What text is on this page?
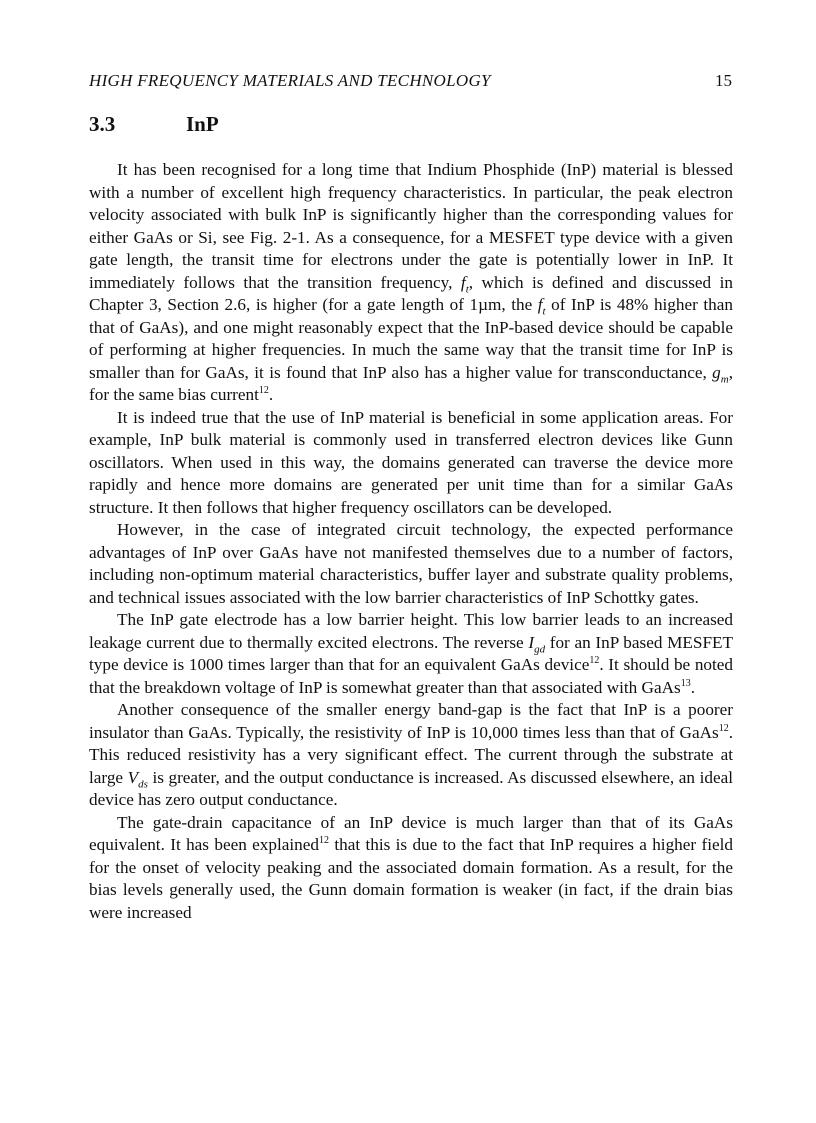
HIGH FREQUENCY MATERIALS AND TECHNOLOGY	15
3.3	InP

It has been recognised for a long time that Indium Phosphide (InP) material is blessed with a number of excellent high frequency characteristics. In particular, the peak electron velocity associated with bulk InP is significantly higher than the corresponding values for either GaAs or Si, see Fig. 2-1. As a consequence, for a MESFET type device with a given gate length, the transit time for electrons under the gate is potentially lower in InP. It immediately follows that the transition frequency, $f_t$, which is defined and discussed in Chapter 3, Section 2.6, is higher (for a gate length of 1µm, the $f_t$ of InP is 48% higher than that of GaAs), and one might reasonably expect that the InP-based device should be capable of performing at higher frequencies. In much the same way that the transit time for InP is smaller than for GaAs, it is found that InP also has a higher value for transconductance, $g_m$, for the same bias current$^{12}$.

It is indeed true that the use of InP material is beneficial in some application areas. For example, InP bulk material is commonly used in transferred electron devices like Gunn oscillators. When used in this way, the domains generated can traverse the device more rapidly and hence more domains are generated per unit time than for a similar GaAs structure. It then follows that higher frequency oscillators can be developed.

However, in the case of integrated circuit technology, the expected performance advantages of InP over GaAs have not manifested themselves due to a number of factors, including non-optimum material characteristics, buffer layer and substrate quality problems, and technical issues associated with the low barrier characteristics of InP Schottky gates.

The InP gate electrode has a low barrier height. This low barrier leads to an increased leakage current due to thermally excited electrons. The reverse $I_{gd}$ for an InP based MESFET type device is 1000 times larger than that for an equivalent GaAs device$^{12}$. It should be noted that the breakdown voltage of InP is somewhat greater than that associated with GaAs$^{13}$.

Another consequence of the smaller energy band-gap is the fact that InP is a poorer insulator than GaAs. Typically, the resistivity of InP is 10,000 times less than that of GaAs$^{12}$. This reduced resistivity has a very significant effect. The current through the substrate at large $V_{ds}$ is greater, and the output conductance is increased. As discussed elsewhere, an ideal device has zero output conductance.

The gate-drain capacitance of an InP device is much larger than that of its GaAs equivalent. It has been explained$^{12}$ that this is due to the fact that InP requires a higher field for the onset of velocity peaking and the associated domain formation. As a result, for the bias levels generally used, the Gunn domain formation is weaker (in fact, if the drain bias were increased
